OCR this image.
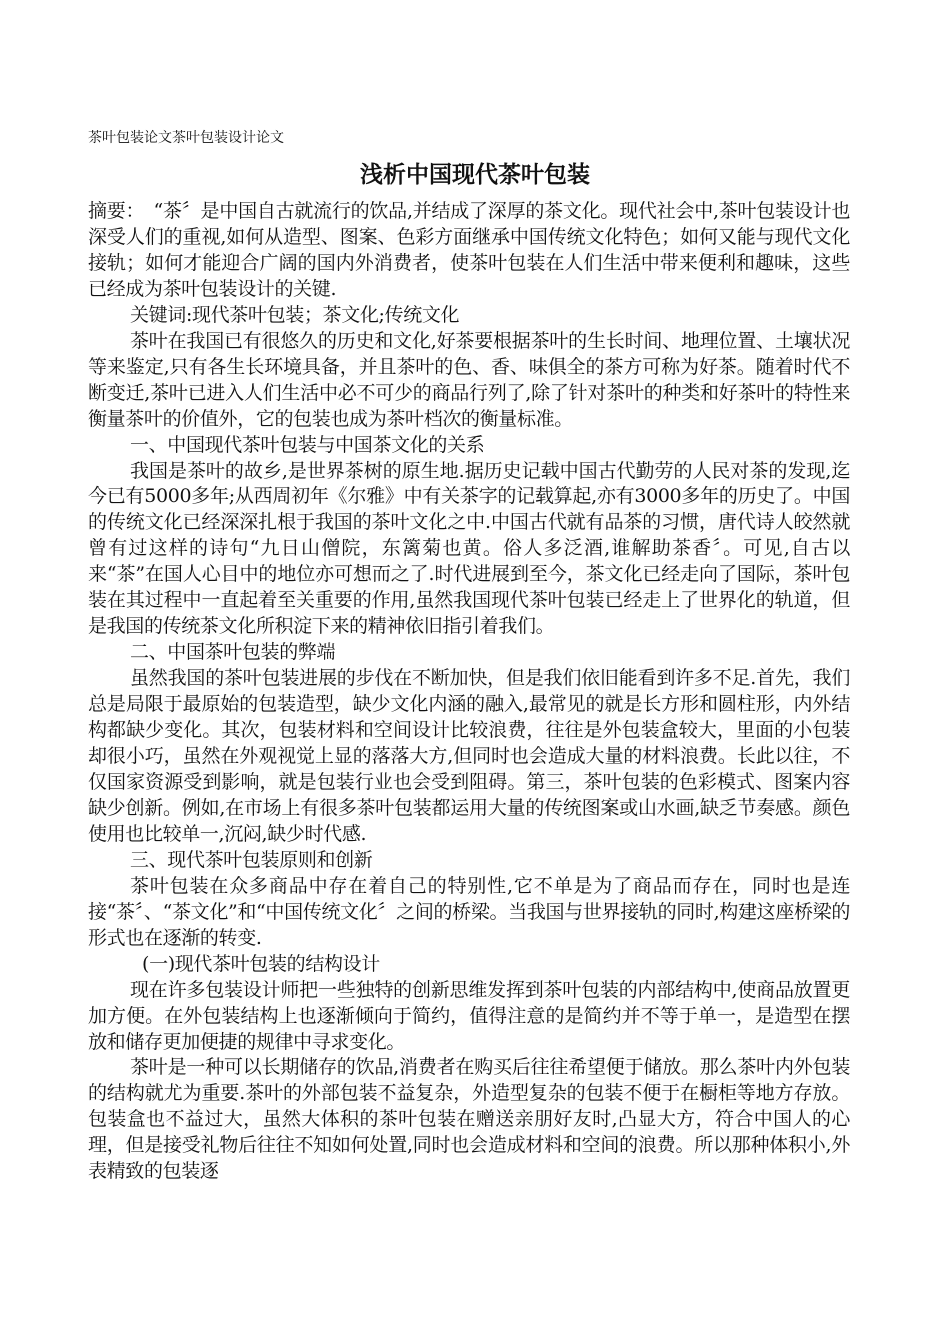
茶叶包装论文茶叶包装设计论文
浅析中国现代茶叶包装

摘要：　“茶〞是中国自古就流行的饮品,并结成了深厚的茶文化。现代社会中,茶叶包装设计也深受人们的重视,如何从造型、图案、色彩方面继承中国传统文化特色；如何又能与现代文化接轨；如何才能迎合广阔的国内外消费者，使茶叶包装在人们生活中带来便利和趣味，这些已经成为茶叶包装设计的关键.

关键词:现代茶叶包装；茶文化;传统文化

茶叶在我国已有很悠久的历史和文化,好茶要根据茶叶的生长时间、地理位置、土壤状况等来鉴定,只有各生长环境具备，并且茶叶的色、香、味俱全的茶方可称为好茶。随着时代不断变迁,茶叶已进入人们生活中必不可少的商品行列了,除了针对茶叶的种类和好茶叶的特性来衡量茶叶的价值外，它的包装也成为茶叶档次的衡量标准。

一、中国现代茶叶包装与中国茶文化的关系

我国是茶叶的故乡,是世界茶树的原生地.据历史记载中国古代勤劳的人民对茶的发现,迄今已有5000多年;从西周初年《尔雅》中有关茶字的记载算起,亦有3000多年的历史了。中国的传统文化已经深深扎根于我国的茶叶文化之中.中国古代就有品茶的习惯，唐代诗人皎然就曾有过这样的诗句“九日山僧院，东篱菊也黄。俗人多泛酒,谁解助茶香〞。可见,自古以来“茶”在国人心目中的地位亦可想而之了.时代进展到至今，茶文化已经走向了国际，茶叶包装在其过程中一直起着至关重要的作用,虽然我国现代茶叶包装已经走上了世界化的轨道，但是我国的传统茶文化所积淀下来的精神依旧指引着我们。

二、中国茶叶包装的弊端

虽然我国的茶叶包装进展的步伐在不断加快，但是我们依旧能看到许多不足.首先，我们总是局限于最原始的包装造型，缺少文化内涵的融入,最常见的就是长方形和圆柱形，内外结构都缺少变化。其次，包装材料和空间设计比较浪费，往往是外包装盒较大，里面的小包装却很小巧，虽然在外观视觉上显的落落大方,但同时也会造成大量的材料浪费。长此以往，不仅国家资源受到影响，就是包装行业也会受到阻碍。第三，茶叶包装的色彩模式、图案内容缺少创新。例如,在市场上有很多茶叶包装都运用大量的传统图案或山水画,缺乏节奏感。颜色使用也比较单一,沉闷,缺少时代感.

三、现代茶叶包装原则和创新

茶叶包装在众多商品中存在着自己的特别性,它不单是为了商品而存在，同时也是连接“茶〞、“茶文化”和“中国传统文化〞之间的桥梁。当我国与世界接轨的同时,构建这座桥梁的形式也在逐渐的转变.

(一)现代茶叶包装的结构设计

现在许多包装设计师把一些独特的创新思维发挥到茶叶包装的内部结构中,使商品放置更加方便。在外包装结构上也逐渐倾向于简约，值得注意的是简约并不等于单一，是造型在摆放和储存更加便捷的规律中寻求变化。

茶叶是一种可以长期储存的饮品,消费者在购买后往往希望便于储放。那么茶叶内外包装的结构就尤为重要.茶叶的外部包装不益复杂，外造型复杂的包装不便于在橱柜等地方存放。包装盒也不益过大，虽然大体积的茶叶包装在赠送亲朋好友时,凸显大方，符合中国人的心理，但是接受礼物后往往不知如何处置,同时也会造成材料和空间的浪费。所以那种体积小,外表精致的包装逐
